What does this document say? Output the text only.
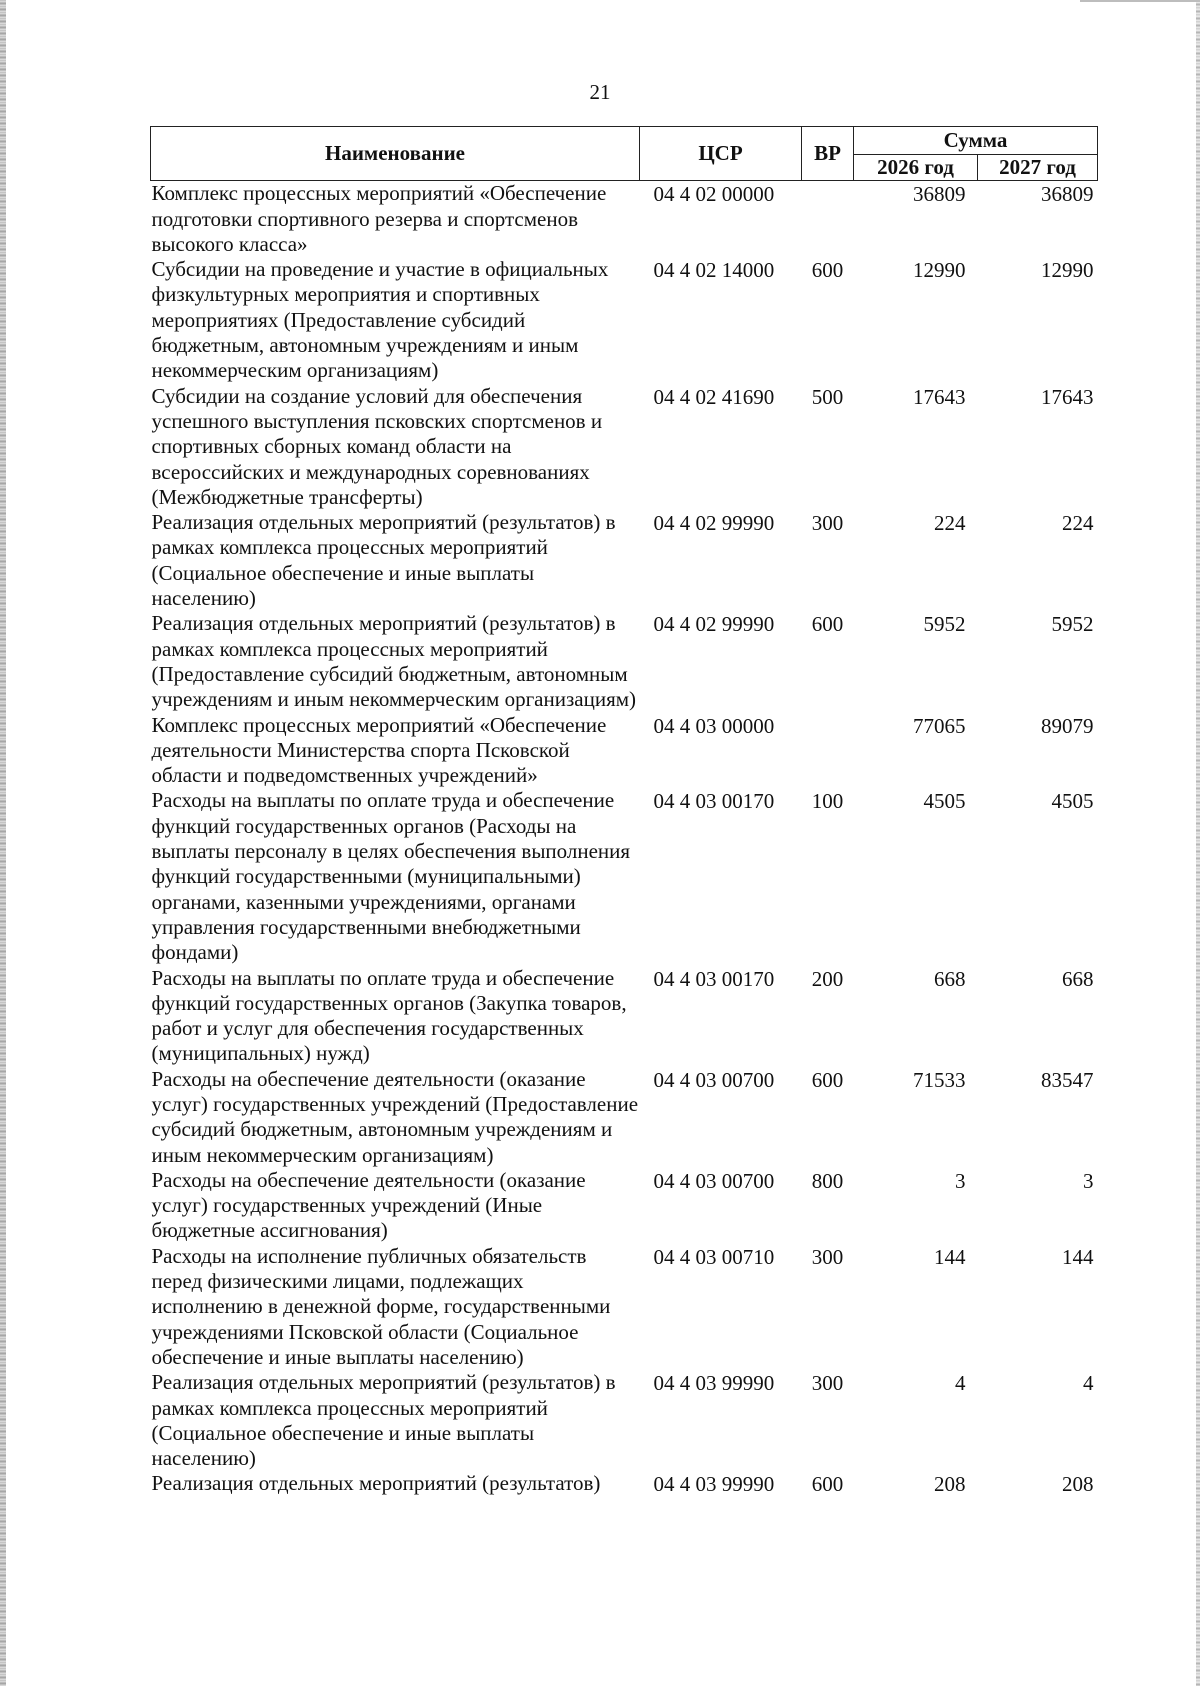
21
Наименование	ЦСР	ВР	Сумма	
			2026 год	2027 год
Комплекс процессных мероприятий «Обеспечение подготовки спортивного резерва и спортсменов высокого класса»	04 4 02 00000		36809	36809
Субсидии на проведение и участие в официальных физкультурных мероприятия и спортивных мероприятиях (Предоставление субсидий бюджетным, автономным учреждениям и иным некоммерческим организациям)	04 4 02 14000	600	12990	12990
Субсидии на создание условий для обеспечения успешного выступления псковских спортсменов и спортивных сборных команд области на всероссийских и международных соревнованиях (Межбюджетные трансферты)	04 4 02 41690	500	17643	17643
Реализация отдельных мероприятий (результатов) в рамках комплекса процессных мероприятий (Социальное обеспечение и иные выплаты населению)	04 4 02 99990	300	224	224
Реализация отдельных мероприятий (результатов) в рамках комплекса процессных мероприятий (Предоставление субсидий бюджетным, автономным учреждениям и иным некоммерческим организациям)	04 4 02 99990	600	5952	5952
Комплекс процессных мероприятий «Обеспечение деятельности Министерства спорта Псковской области и подведомственных учреждений»	04 4 03 00000		77065	89079
Расходы на выплаты по оплате труда и обеспечение функций государственных органов (Расходы на выплаты персоналу в целях обеспечения выполнения функций государственными (муниципальными) органами, казенными учреждениями, органами управления государственными внебюджетными фондами)	04 4 03 00170	100	4505	4505
Расходы на выплаты по оплате труда и обеспечение функций государственных органов (Закупка товаров, работ и услуг для обеспечения государственных (муниципальных) нужд)	04 4 03 00170	200	668	668
Расходы на обеспечение деятельности (оказание услуг) государственных учреждений (Предоставление субсидий бюджетным, автономным учреждениям и иным некоммерческим организациям)	04 4 03 00700	600	71533	83547
Расходы на обеспечение деятельности (оказание услуг) государственных учреждений (Иные бюджетные ассигнования)	04 4 03 00700	800	3	3
Расходы на исполнение публичных обязательств перед физическими лицами, подлежащих исполнению в денежной форме, государственными учреждениями Псковской области (Социальное обеспечение и иные выплаты населению)	04 4 03 00710	300	144	144
Реализация отдельных мероприятий (результатов) в рамках комплекса процессных мероприятий (Социальное обеспечение и иные выплаты населению)	04 4 03 99990	300	4	4
Реализация отдельных мероприятий (результатов)	04 4 03 99990	600	208	208
